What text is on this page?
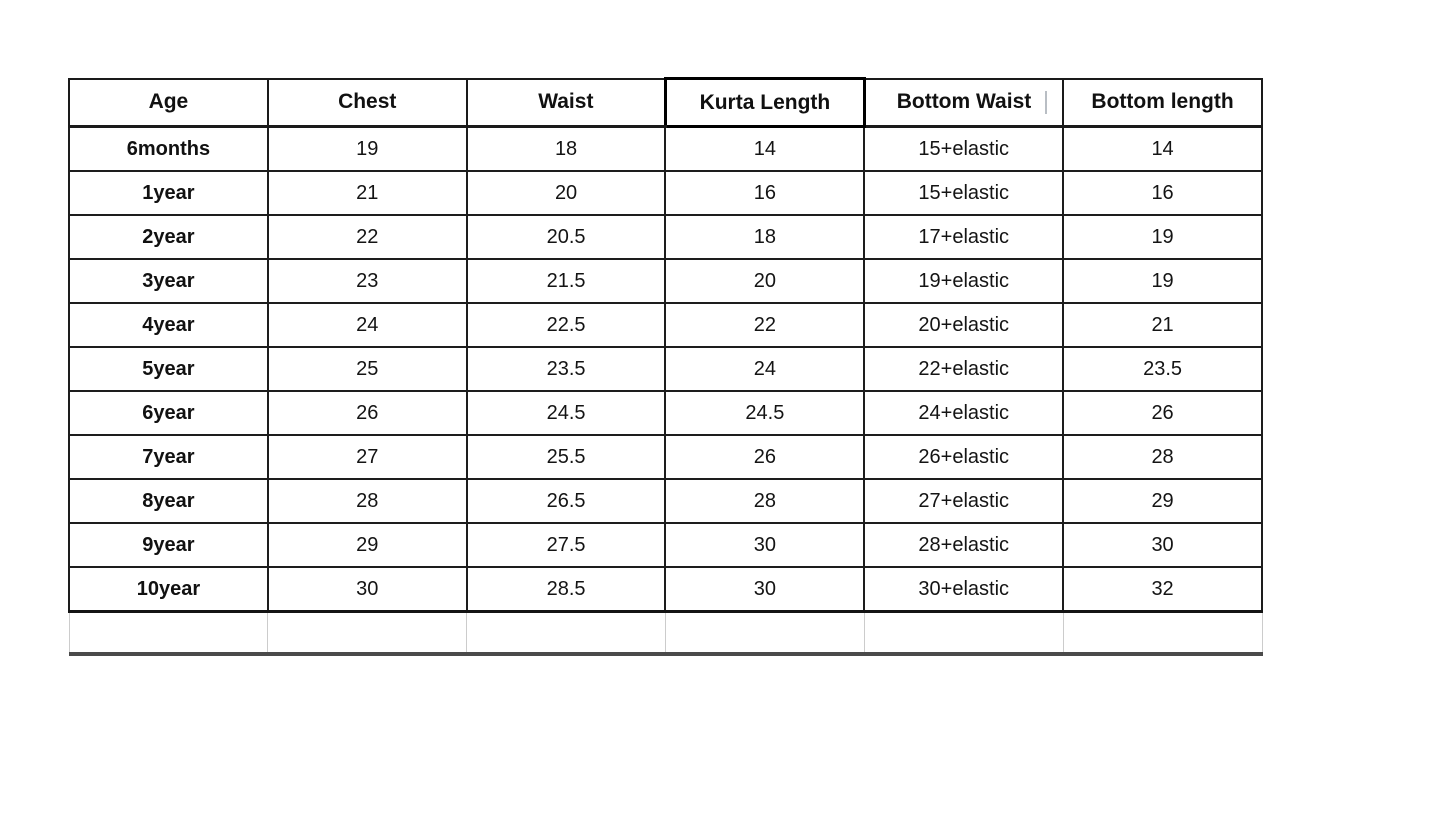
Age	Chest	Waist	Kurta Length	Bottom Waist	Bottom length
6months	19	18	14	15+elastic	14
1year	21	20	16	15+elastic	16
2year	22	20.5	18	17+elastic	19
3year	23	21.5	20	19+elastic	19
4year	24	22.5	22	20+elastic	21
5year	25	23.5	24	22+elastic	23.5
6year	26	24.5	24.5	24+elastic	26
7year	27	25.5	26	26+elastic	28
8year	28	26.5	28	27+elastic	29
9year	29	27.5	30	28+elastic	30
10year	30	28.5	30	30+elastic	32
